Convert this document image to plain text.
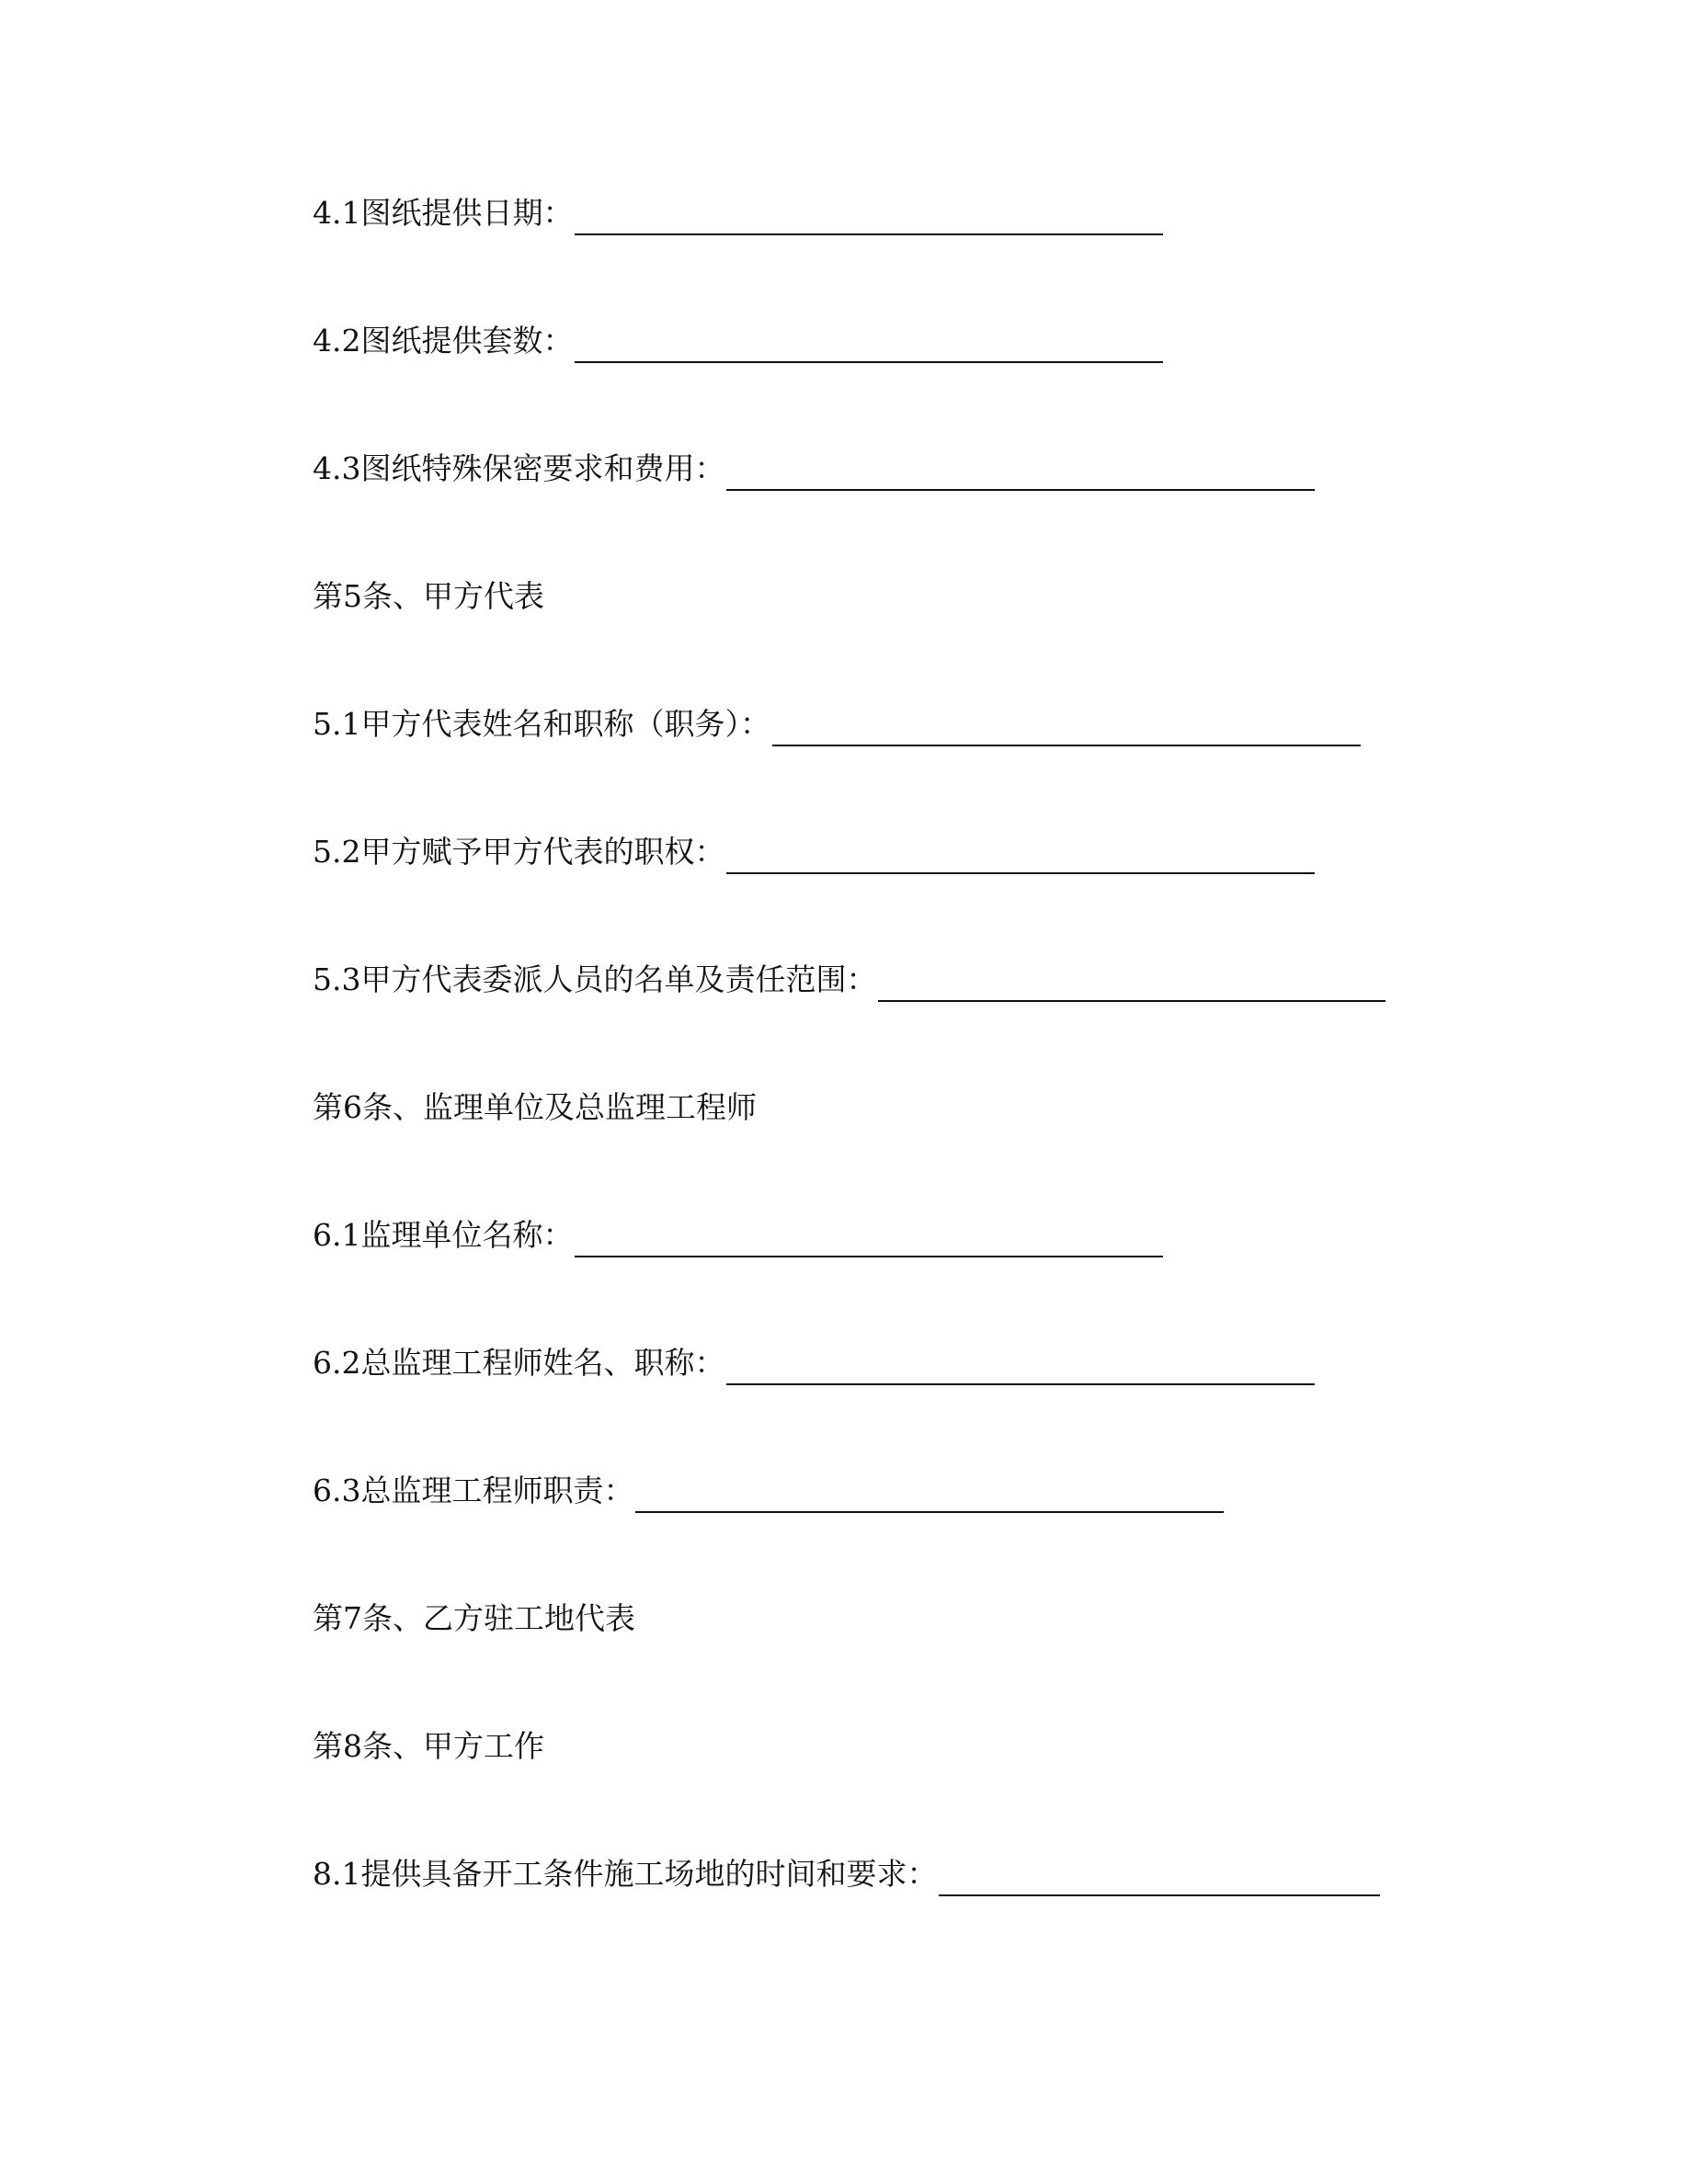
4.1图纸提供日期：
4.2图纸提供套数：
4.3图纸特殊保密要求和费用：
第5条、甲方代表
5.1甲方代表姓名和职称（职务）：
5.2甲方赋予甲方代表的职权：
5.3甲方代表委派人员的名单及责任范围：
第6条、监理单位及总监理工程师
6.1监理单位名称：
6.2总监理工程师姓名、职称：
6.3总监理工程师职责：
第7条、乙方驻工地代表
第8条、甲方工作
8.1提供具备开工条件施工场地的时间和要求：
